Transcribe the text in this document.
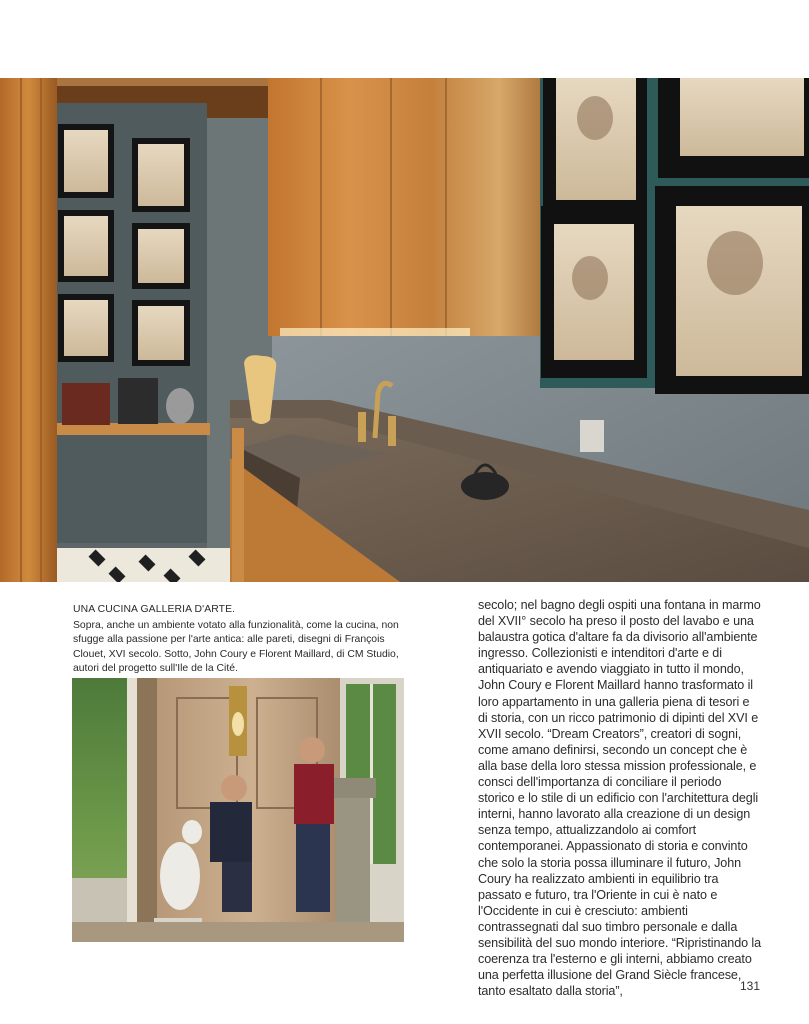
UNA CUCINA GALLERIA D'ARTE.
Sopra, anche un ambiente votato alla funzionalità, come la cucina, non sfugge alla passione per l'arte antica: alle pareti, disegni di François Clouet, XVI secolo. Sotto, John Coury e Florent Maillard, di CM Studio, autori del progetto sull'Ile de la Cité.

secolo; nel bagno degli ospiti una fontana in marmo del XVII° secolo ha preso il posto del lavabo e una balaustra gotica d'altare fa da divisorio all'ambiente ingresso. Collezionisti e intenditori d'arte e di antiquariato e avendo viaggiato in tutto il mondo, John Coury e Florent Maillard hanno trasformato il loro appartamento in una galleria piena di tesori e di storia, con un ricco patrimonio di dipinti del XVI e XVII secolo. “Dream Creators”, creatori di sogni, come amano definirsi, secondo un concept che è alla base della loro stessa mission professionale, e consci dell'importanza di conciliare il periodo storico e lo stile di un edificio con l'architettura degli interni, hanno lavorato alla creazione di un design senza tempo, attualizzandolo ai comfort contemporanei. Appassionato di storia e convinto che solo la storia possa illuminare il futuro, John Coury ha realizzato ambienti in equilibrio tra passato e futuro, tra l'Oriente in cui è nato e l'Occidente in cui è cresciuto: ambienti contrassegnati dal suo timbro personale e dalla sensibilità del suo mondo interiore. “Ripristinando la coerenza tra l'esterno e gli interni, abbiamo creato una perfetta illusione del Grand Siècle francese, tanto esaltato dalla storia”,	131
